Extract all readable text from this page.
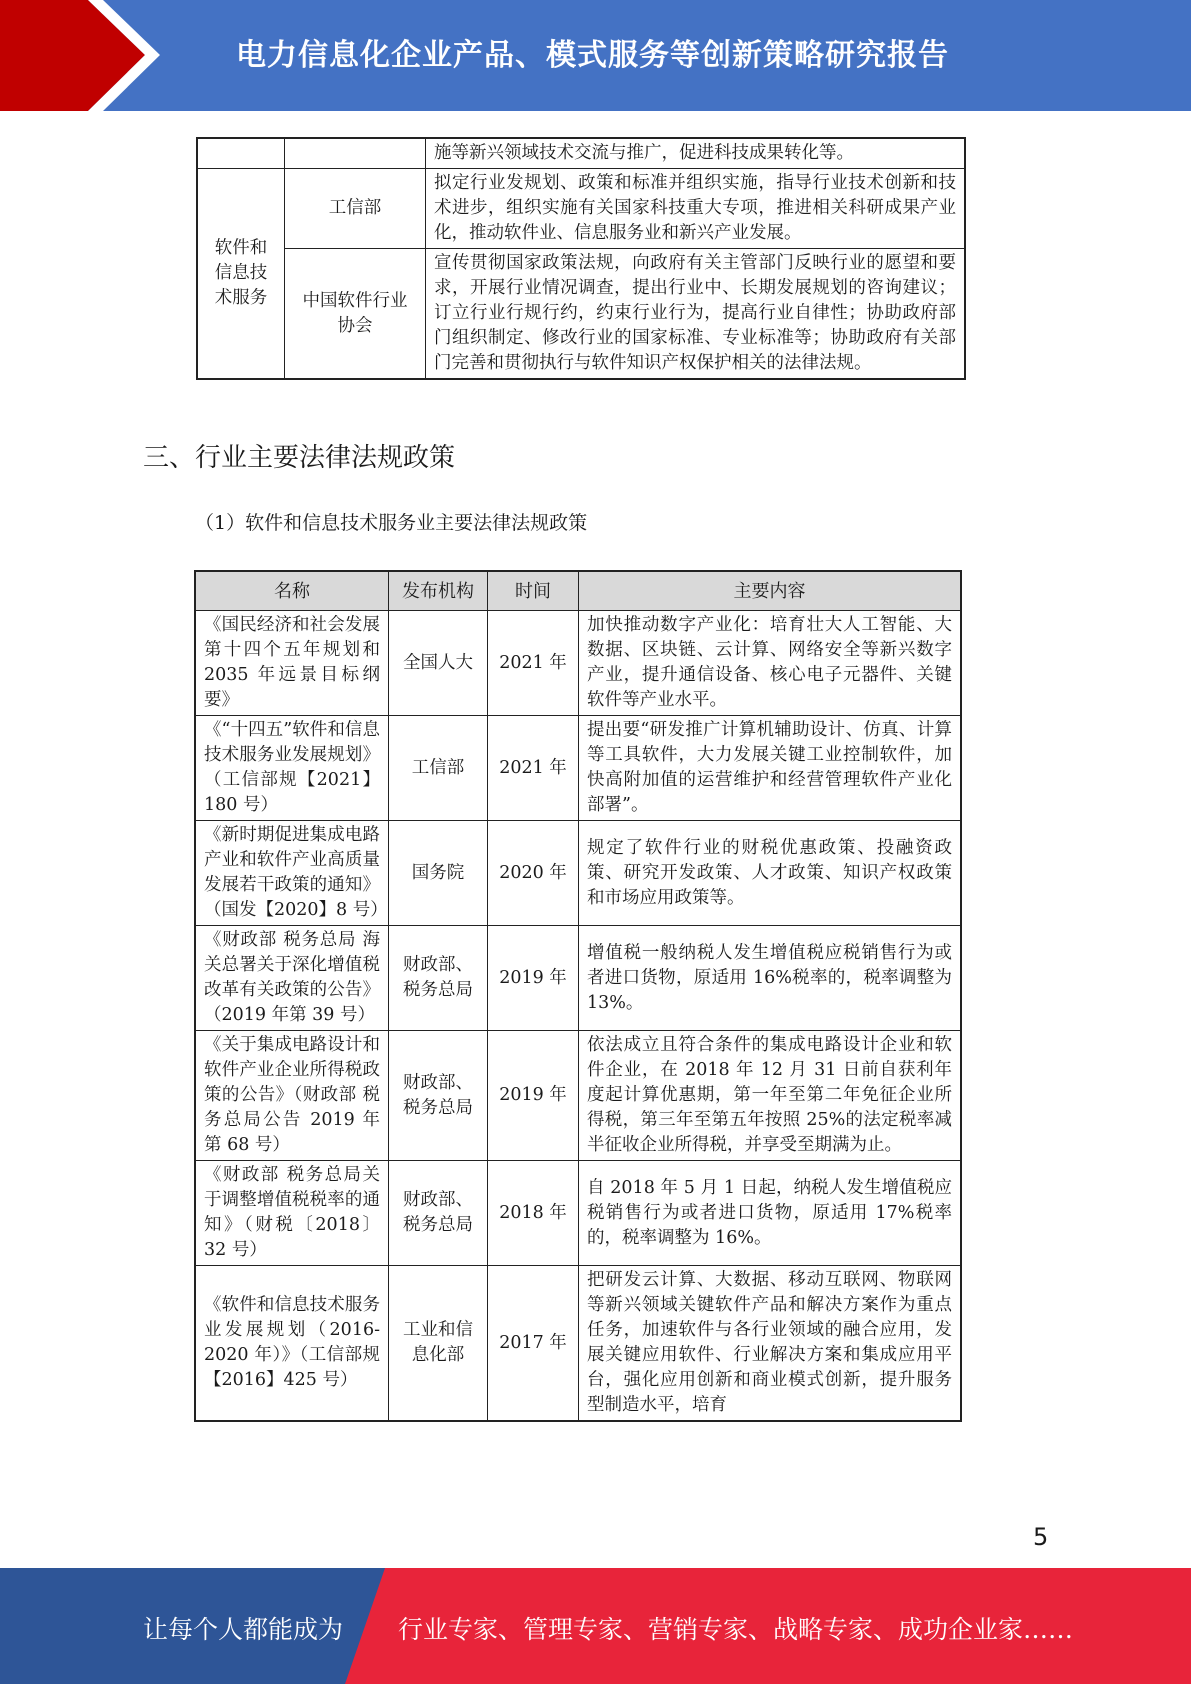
电力信息化企业产品、模式服务等创新策略研究报告
		施等新兴领域技术交流与推广，促进科技成果转化等。
软件和信息技术服务	工信部	拟定行业发规划、政策和标准并组织实施，指导行业技术创新和技术进步，组织实施有关国家科技重大专项，推进相关科研成果产业化，推动软件业、信息服务业和新兴产业发展。
	中国软件行业协会	宣传贯彻国家政策法规，向政府有关主管部门反映行业的愿望和要求，开展行业情况调查，提出行业中、长期发展规划的咨询建议；订立行业行规行约，约束行业行为，提高行业自律性；协助政府部门组织制定、修改行业的国家标准、专业标准等；协助政府有关部门完善和贯彻执行与软件知识产权保护相关的法律法规。
三、行业主要法律法规政策

（1）软件和信息技术服务业主要法律法规政策

名称	发布机构	时间	主要内容
《国民经济和社会发展第十四个五年规划和 2035 年远景目标纲要》	全国人大	2021 年	加快推动数字产业化：培育壮大人工智能、大数据、区块链、云计算、网络安全等新兴数字产业，提升通信设备、核心电子元器件、关键软件等产业水平。
《“十四五”软件和信息技术服务业发展规划》（工信部规【2021】180 号）	工信部	2021 年	提出要“研发推广计算机辅助设计、仿真、计算等工具软件，大力发展关键工业控制软件，加快高附加值的运营维护和经营管理软件产业化部署”。
《新时期促进集成电路产业和软件产业高质量发展若干政策的通知》（国发【2020】8 号）	国务院	2020 年	规定了软件行业的财税优惠政策、投融资政策、研究开发政策、人才政策、知识产权政策和市场应用政策等。
《财政部 税务总局 海关总署关于深化增值税改革有关政策的公告》（2019 年第 39 号）	财政部、税务总局	2019 年	增值税一般纳税人发生增值税应税销售行为或者进口货物，原适用 16%税率的，税率调整为 13%。
《关于集成电路设计和软件产业企业所得税政策的公告》（财政部 税务总局公告 2019 年第 68 号）	财政部、税务总局	2019 年	依法成立且符合条件的集成电路设计企业和软件企业，在 2018 年 12 月 31 日前自获利年度起计算优惠期，第一年至第二年免征企业所得税，第三年至第五年按照 25%的法定税率减半征收企业所得税，并享受至期满为止。
《财政部 税务总局关于调整增值税税率的通知》（财税〔2018〕32 号）	财政部、税务总局	2018 年	自 2018 年 5 月 1 日起，纳税人发生增值税应税销售行为或者进口货物，原适用 17%税率的，税率调整为 16%。
《软件和信息技术服务业发展规划（2016-2020 年）》（工信部规【2016】425 号）	工业和信息化部	2017 年	把研发云计算、大数据、移动互联网、物联网等新兴领域关键软件产品和解决方案作为重点任务，加速软件与各行业领域的融合应用，发展关键应用软件、行业解决方案和集成应用平台，强化应用创新和商业模式创新，提升服务型制造水平，培育
5
让每个人都能成为 行业专家、管理专家、营销专家、战略专家、成功企业家……
